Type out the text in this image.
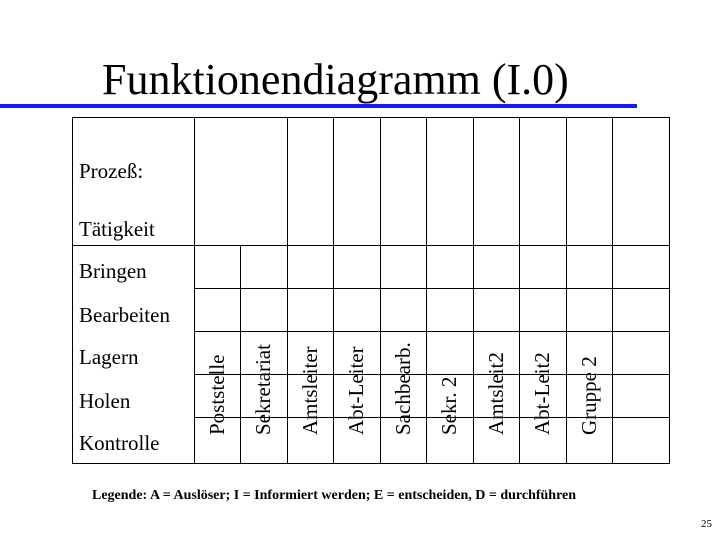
Funktionendiagramm (I.0)
Prozeß:
Tätigkeit
Poststelle Sekretariat Amtsleiter Abt-Leiter Sachbearb. Sekr. 2 Amtsleit2 Abt-Leit2 Gruppe 2
Bringen
Bearbeiten
Lagern
Holen
Kontrolle
Legende: A = Auslöser; I = Informiert werden; E = entscheiden, D = durchführen
25
